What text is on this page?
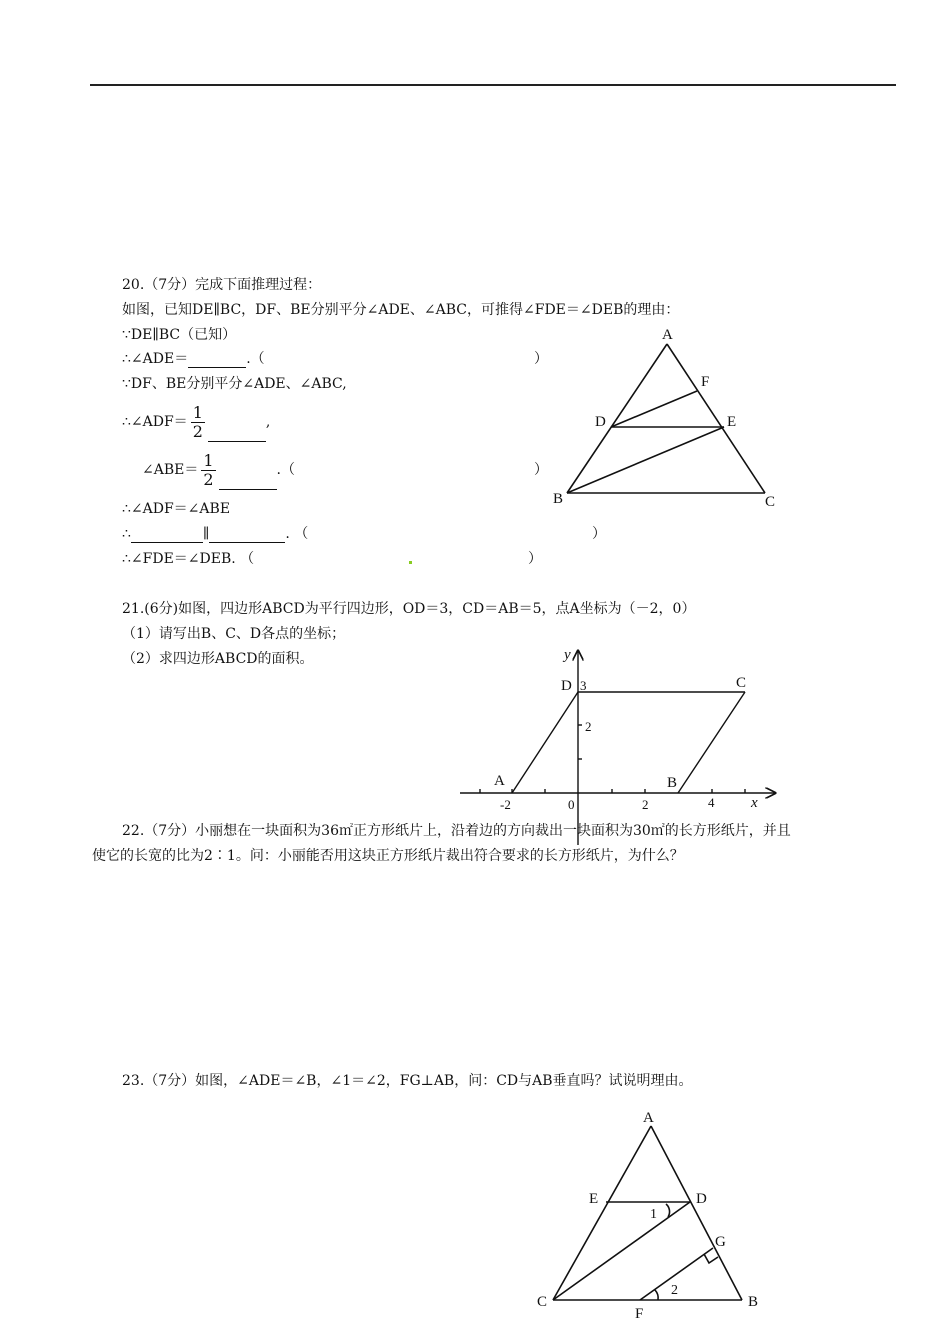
20.（7分）完成下面推理过程：
如图，已知DE∥BC，DF、BE分别平分∠ADE、∠ABC，可推得∠FDE＝∠DEB的理由：
∵DE∥BC（已知）
∴∠ADE＝	.（	）
∵DF、BE分别平分∠ADE、∠ABC,
∴∠ADF＝ $\frac{1}{2}$	,
∠ABE＝ $\frac{1}{2}$	.（	）
∴∠ADF＝∠ABE
∴	∥	. （	）
∴∠FDE＝∠DEB. （	）
A
F
D	E
B	C
21.(6分)如图，四边形ABCD为平行四边形，OD＝3，CD＝AB＝5，点A坐标为（－2，0）
（1）请写出B、C、D各点的坐标；
（2）求四边形ABCD的面积。	y
x
D 3	C
2
A	B
-2	0	2	4
22.（7分）小丽想在一块面积为36㎡正方形纸片上，沿着边的方向裁出一块面积为30㎡的长方形纸片，并且
使它的长宽的比为2∶1。问：小丽能否用这块正方形纸片裁出符合要求的长方形纸片，为什么？
23.（7分）如图，∠ADE＝∠B，∠1＝∠2，FG⊥AB，问：CD与AB垂直吗？试说明理由。
A
E	D
G
C
F
B
1
2
